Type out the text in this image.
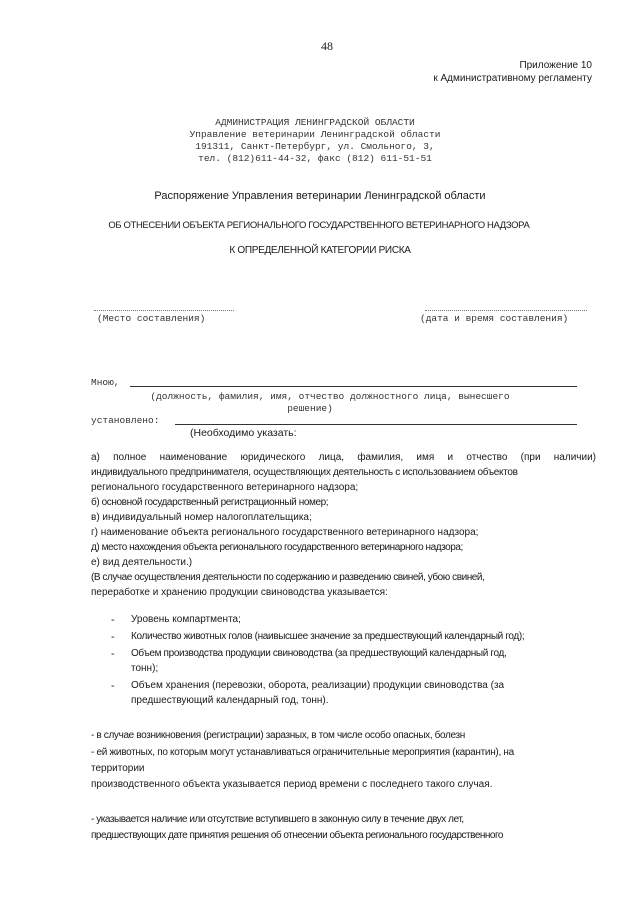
48
Приложение 10
к Административному регламенту
АДМИНИСТРАЦИЯ ЛЕНИНГРАДСКОЙ ОБЛАСТИ
Управление ветеринарии Ленинградской области
191311, Санкт-Петербург, ул. Смольного, 3,
тел. (812)611-44-32, факс (812) 611-51-51
Распоряжение Управления ветеринарии Ленинградской области
ОБ ОТНЕСЕНИИ ОБЪЕКТА РЕГИОНАЛЬНОГО ГОСУДАРСТВЕННОГО ВЕТЕРИНАРНОГО НАДЗОРА
К ОПРЕДЕЛЕННОЙ КАТЕГОРИИ РИСКА
(Место составления)	(дата и время составления)
Мною,
(должность, фамилия, имя, отчество должностного лица, вынесшего
решение)
установлено:
(Необходимо указать:
а) полное наименование юридического лица, фамилия, имя и отчество (при наличии)
индивидуального предпринимателя, осуществляющих деятельность с использованием объектов
регионального государственного ветеринарного надзора;
б) основной государственный регистрационный номер;
в) индивидуальный номер налогоплательщика;
г) наименование объекта регионального государственного ветеринарного надзора;
д) место нахождения объекта регионального государственного ветеринарного надзора;
е) вид деятельности.)
(В случае осуществления деятельности по содержанию и разведению свиней, убою свиней,
переработке и хранению продукции свиноводства указывается:
- Уровень компартмента;
- Количество животных голов (наивысшее значение за предшествующий календарный год);
- Объем производства продукции свиноводства (за предшествующий календарный год,
тонн);
- Объем хранения (перевозки, оборота, реализации) продукции свиноводства (за
предшествующий календарный год, тонн).
- в случае возникновения (регистрации) заразных, в том числе особо опасных, болезн
- ей животных, по которым могут устанавливаться ограничительные мероприятия (карантин), на
территории
производственного объекта указывается период времени с последнего такого случая.
- указывается наличие или отсутствие вступившего в законную силу в течение двух лет,
предшествующих дате принятия решения об отнесении объекта регионального государственного
